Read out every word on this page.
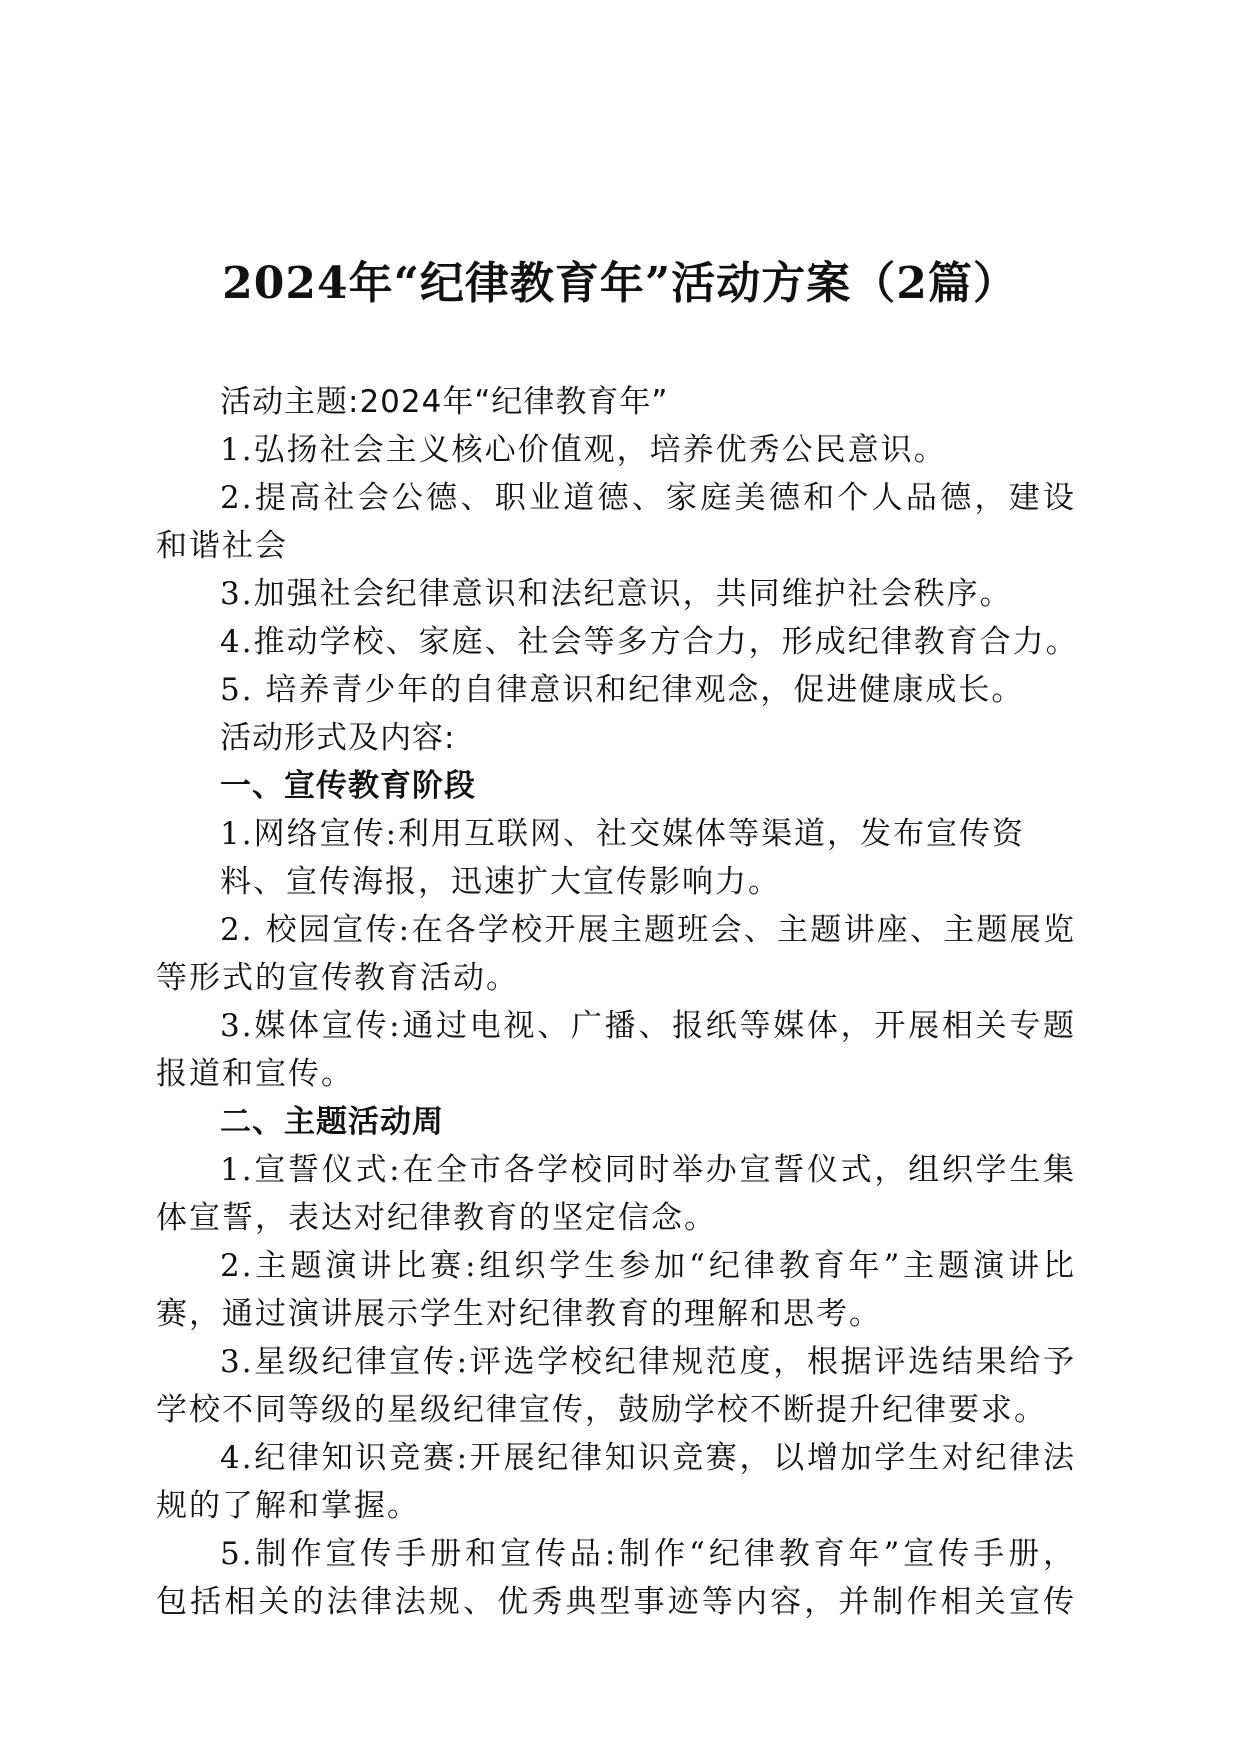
2024年“纪律教育年”活动方案（2篇）
活动主题:2024年“纪律教育年”
1.弘扬社会主义核心价值观，培养优秀公民意识。
2.提高社会公德、职业道德、家庭美德和个人品德，建设
和谐社会
3.加强社会纪律意识和法纪意识，共同维护社会秩序。
4.推动学校、家庭、社会等多方合力，形成纪律教育合力。
5. 培养青少年的自律意识和纪律观念，促进健康成长。
活动形式及内容:
一、宣传教育阶段
1.网络宣传:利用互联网、社交媒体等渠道，发布宣传资
料、宣传海报，迅速扩大宣传影响力。
2. 校园宣传:在各学校开展主题班会、主题讲座、主题展览
等形式的宣传教育活动。
3.媒体宣传:通过电视、广播、报纸等媒体，开展相关专题
报道和宣传。
二、主题活动周
1.宣誓仪式:在全市各学校同时举办宣誓仪式，组织学生集
体宣誓，表达对纪律教育的坚定信念。
2.主题演讲比赛:组织学生参加“纪律教育年”主题演讲比
赛，通过演讲展示学生对纪律教育的理解和思考。
3.星级纪律宣传:评选学校纪律规范度，根据评选结果给予
学校不同等级的星级纪律宣传，鼓励学校不断提升纪律要求。
4.纪律知识竞赛:开展纪律知识竞赛，以增加学生对纪律法
规的了解和掌握。
5.制作宣传手册和宣传品:制作“纪律教育年”宣传手册，
包括相关的法律法规、优秀典型事迹等内容，并制作相关宣传
